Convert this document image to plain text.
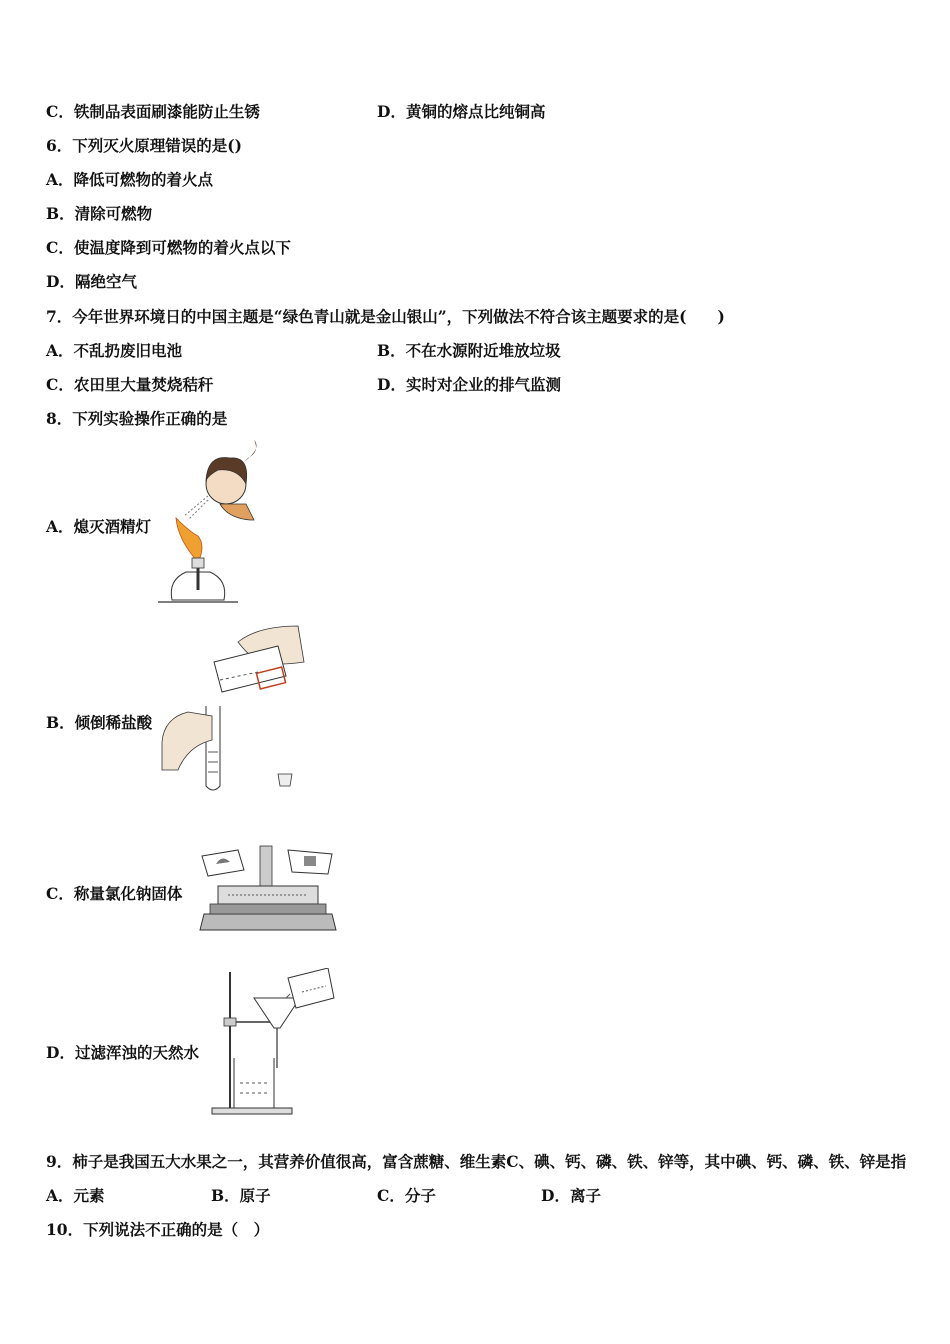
C．铁制品表面刷漆能防止生锈	D．黄铜的熔点比纯铜高
6．下列灭火原理错误的是()
A．降低可燃物的着火点
B．清除可燃物
C．使温度降到可燃物的着火点以下
D．隔绝空气
7．今年世界环境日的中国主题是“绿色青山就是金山银山”，下列做法不符合该主题要求的是(　　)
A．不乱扔废旧电池	B．不在水源附近堆放垃圾
C．农田里大量焚烧秸秆	D．实时对企业的排气监测
8．下列实验操作正确的是
A．熄灭酒精灯
B．倾倒稀盐酸
C．称量氯化钠固体
D．过滤浑浊的天然水
9．柿子是我国五大水果之一，其营养价值很高，富含蔗糖、维生素C、碘、钙、磷、铁、锌等，其中碘、钙、磷、铁、锌是指
A．元素	B．原子	C．分子	D．离子
10．下列说法不正确的是（　）
